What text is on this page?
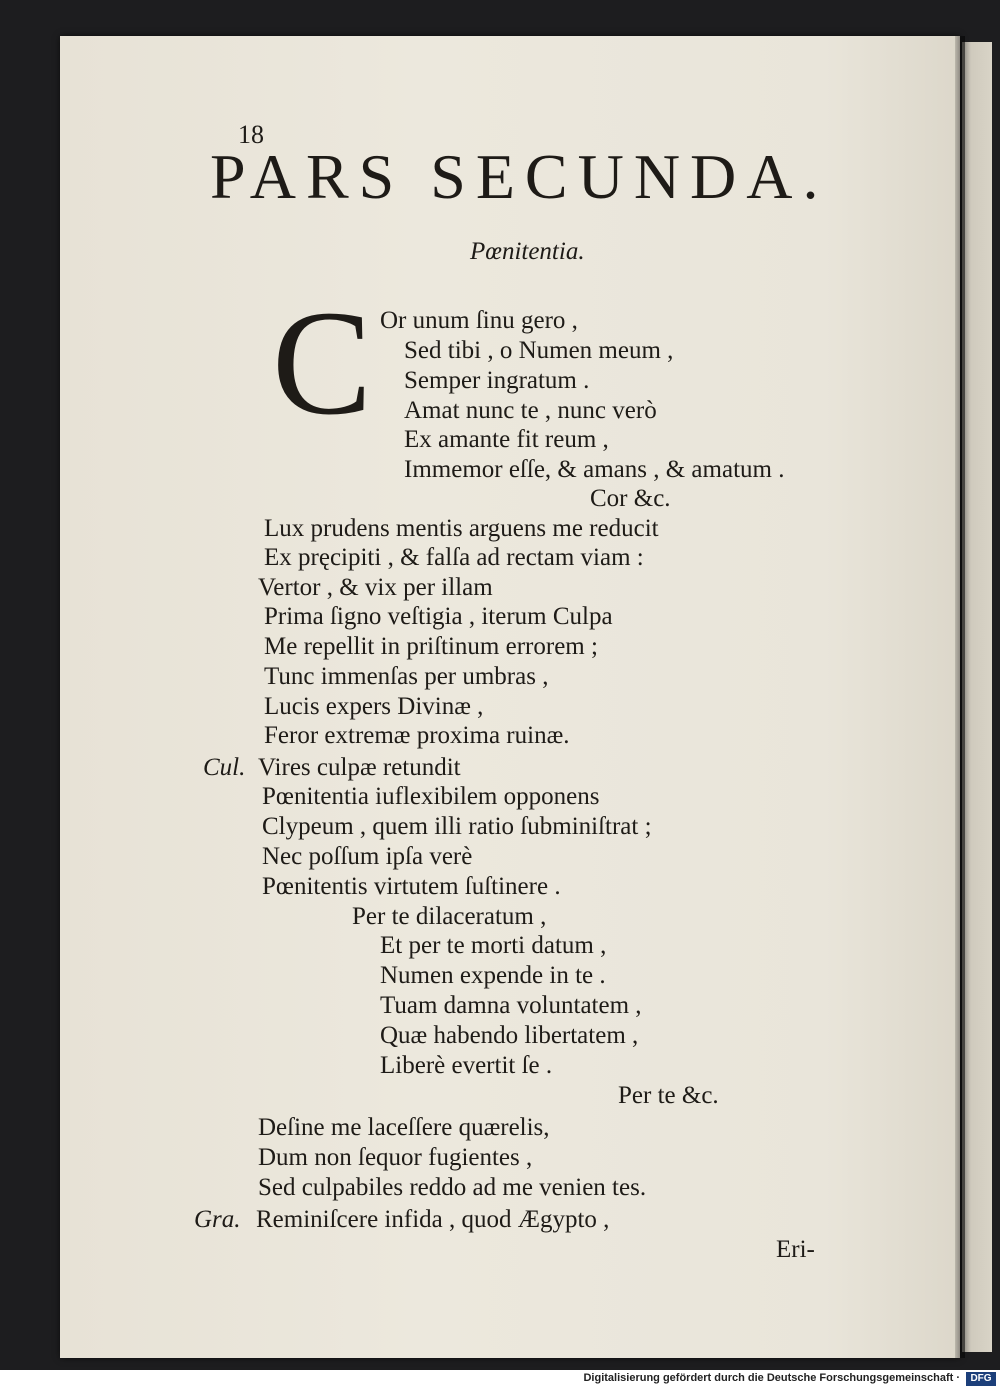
18
PARS SECUNDA.
Pœnitentia.
C Or unum ſinu gero ,
Sed tibi , o Numen meum ,
Semper ingratum .
Amat nunc te , nunc verò
Ex amante fit reum ,
Immemor eſſe, & amans , & amatum .
Cor &c.
Lux prudens mentis arguens me reducit
Ex pręcipiti , & falſa ad rectam viam :
Vertor , & vix per illam
Prima ſigno veſtigia , iterum Culpa
Me repellit in priſtinum errorem ;
Tunc immenſas per umbras ,
Lucis expers Divinæ ,
Feror extremæ proxima ruinæ.
Cul. Vires culpæ retundit
Pœnitentia iuflexibilem opponens
Clypeum , quem illi ratio ſubminiſtrat ;
Nec poſſum ipſa verè
Pœnitentis virtutem ſuſtinere .
Per te dilaceratum ,
Et per te morti datum ,
Numen expende in te .
Tuam damna voluntatem ,
Quæ habendo libertatem ,
Liberè evertit ſe .
Per te &c.
Deſine me laceſſere quærelis,
Dum non ſequor fugientes ,
Sed culpabiles reddo ad me venien tes.
Gra. Reminiſcere infida , quod Ægypto ,
Eri-
Digitalisierung gefördert durch die Deutsche Forschungsgemeinschaft ·	DFG
